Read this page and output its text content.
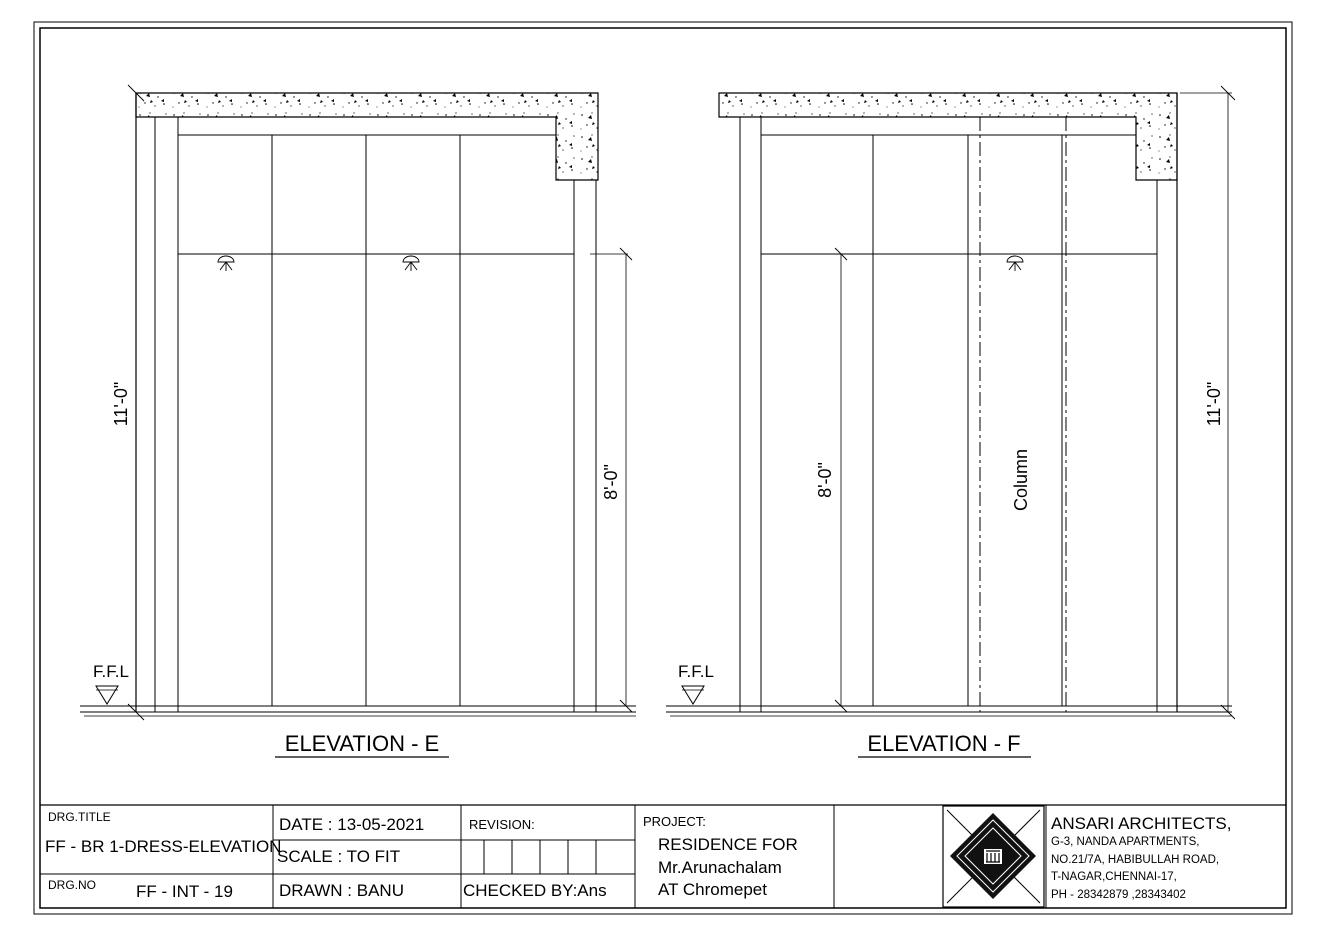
ELEVATION - E
11'-0"
8'-0"
F.F.L
ELEVATION - F
8'-0"
11'-0"
Column
F.F.L
DRG.TITLE
FF - BR 1-DRESS-ELEVATION
DRG.NO FF - INT - 19
DATE : 13-05-2021
SCALE : TO FIT
DRAWN : BANU
REVISION:
CHECKED BY:Ans
PROJECT:
RESIDENCE FOR
Mr.Arunachalam
AT Chromepet
ANSARI ARCHITECTS,
G-3, NANDA APARTMENTS,
NO.21/7A, HABIBULLAH ROAD,
T-NAGAR,CHENNAI-17,
PH - 28342879 ,28343402
